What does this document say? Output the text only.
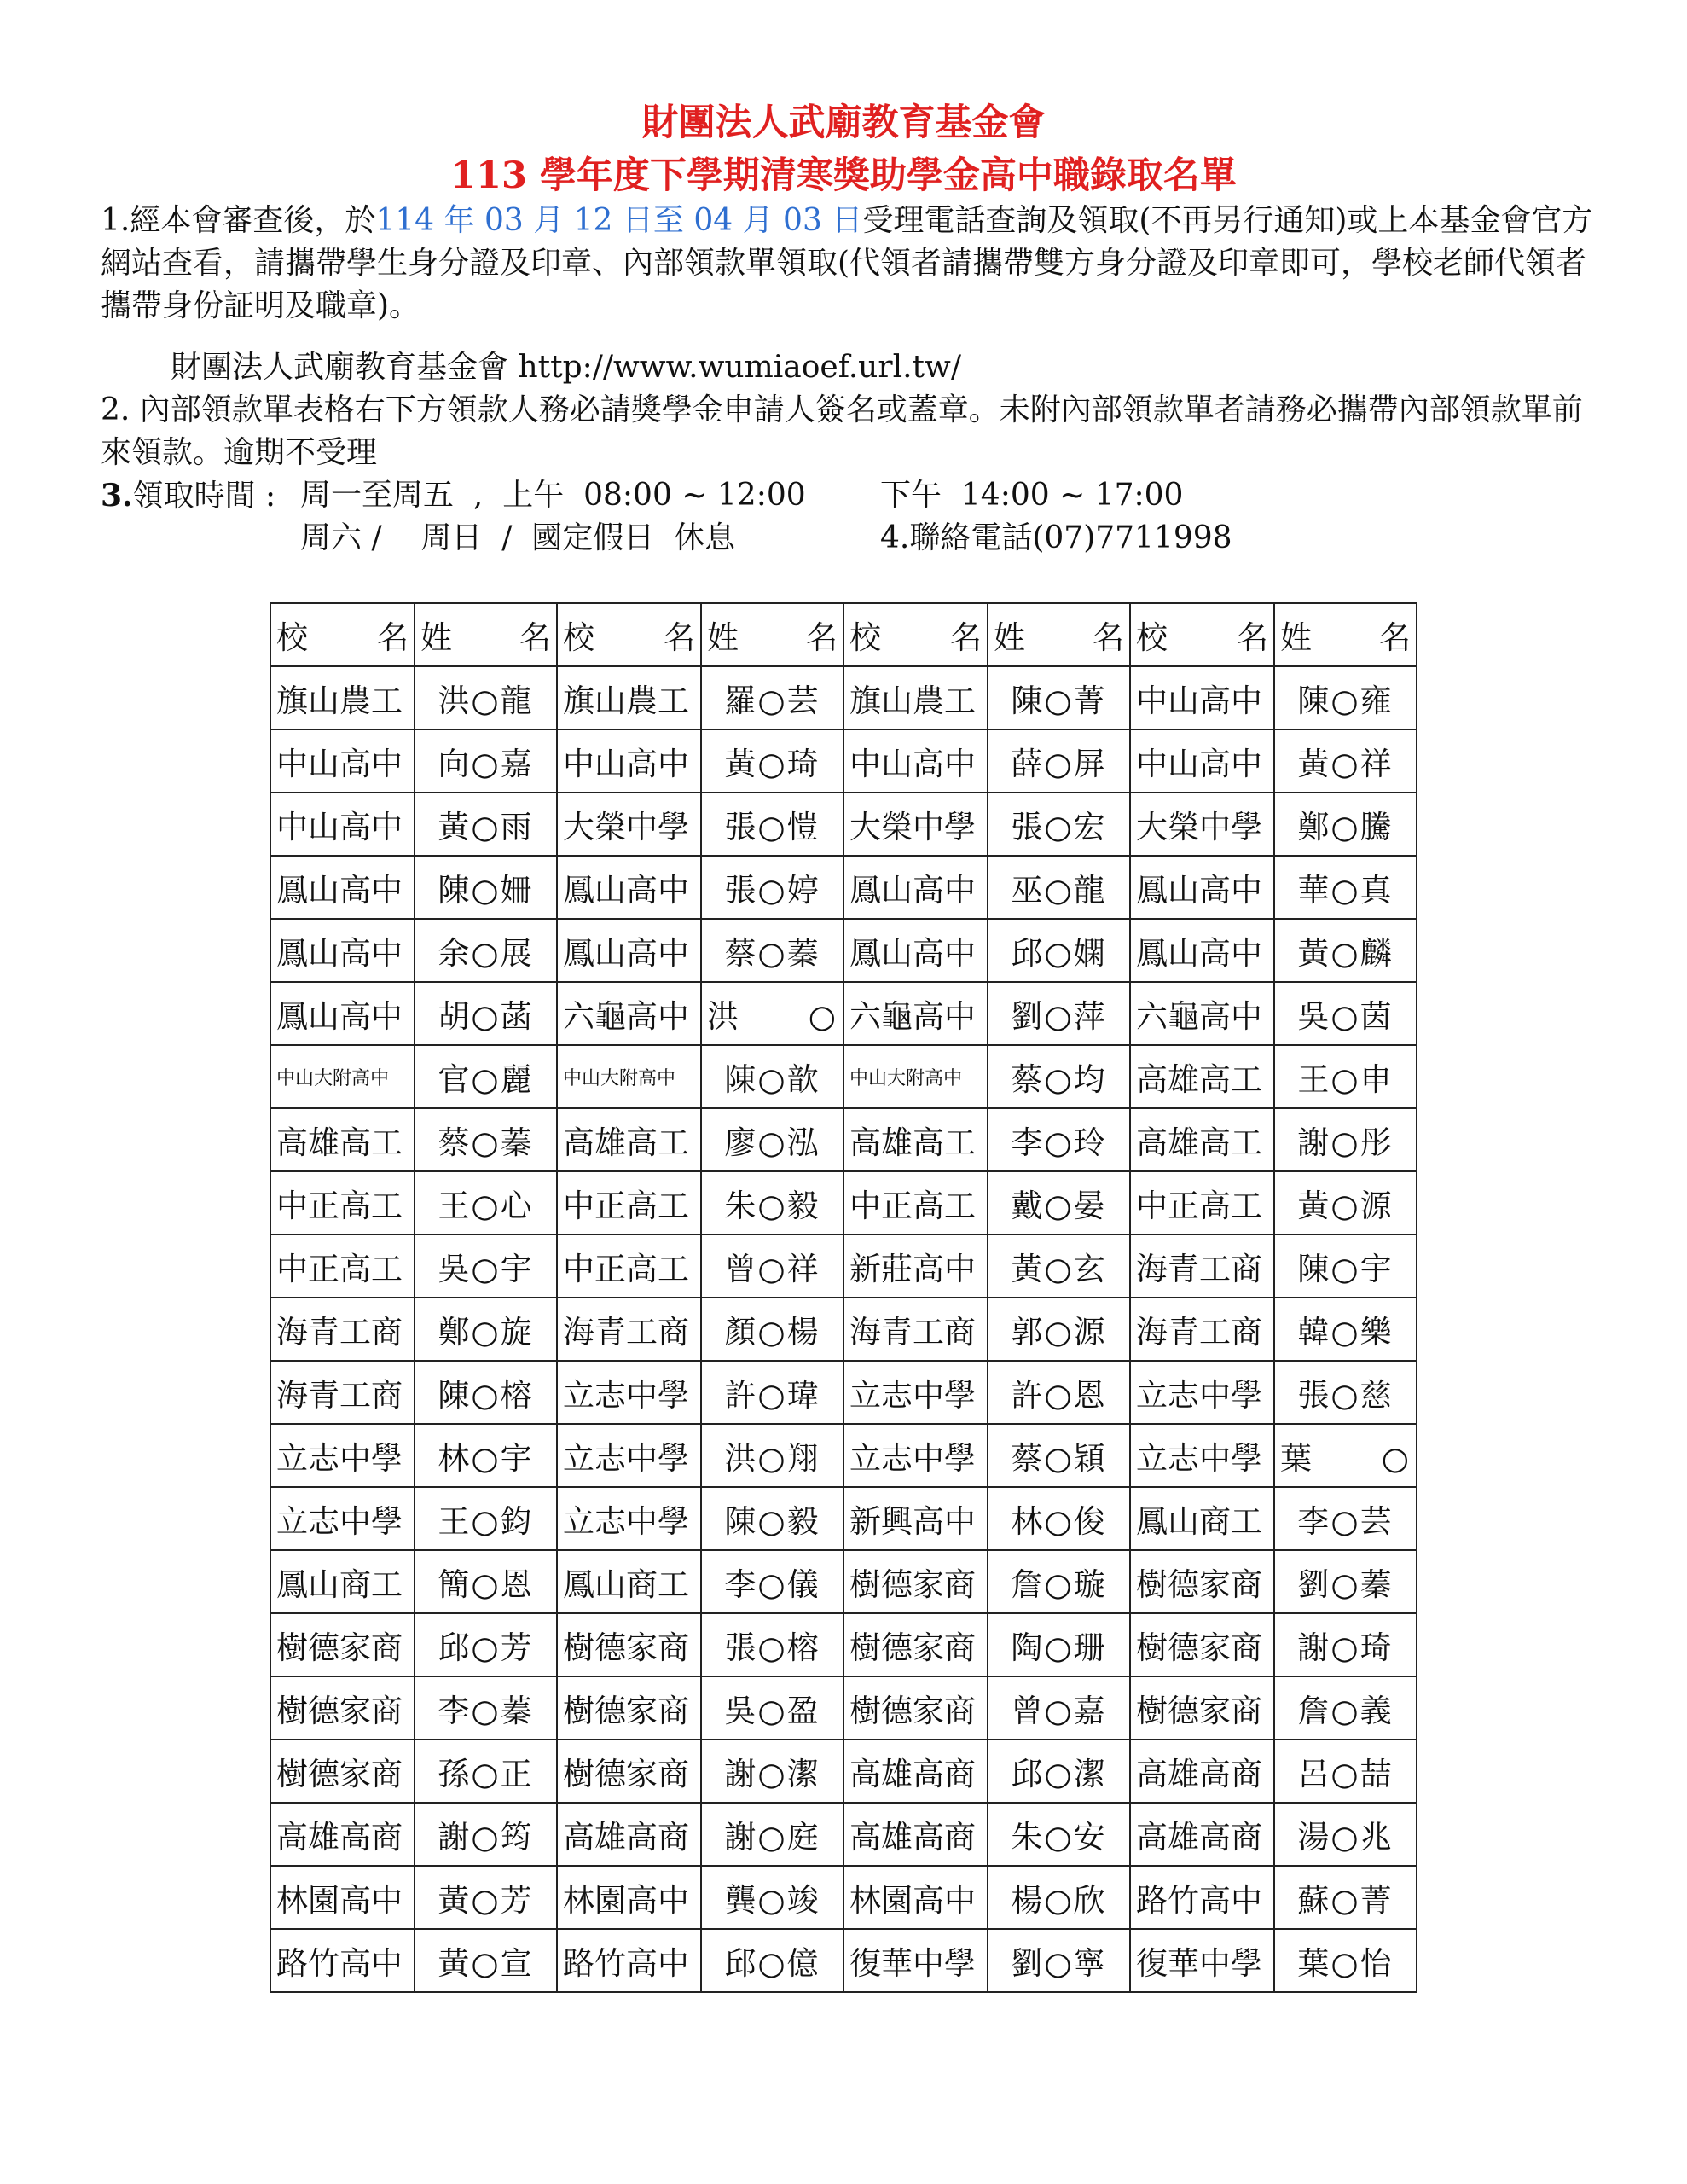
財團法人武廟教育基金會
113 學年度下學期清寒獎助學金高中職錄取名單
1.經本會審查後，於114 年 03 月 12 日至 04 月 03 日受理電話查詢及領取(不再另行通知)或上本基金會官方網站查看，請攜帶學生身分證及印章、內部領款單領取(代領者請攜帶雙方身分證及印章即可，學校老師代領者攜帶身份証明及職章)。
財團法人武廟教育基金會 http://www.wumiaoef.url.tw/
2. 內部領款單表格右下方領款人務必請獎學金申請人簽名或蓋章。未附內部領款單者請務必攜帶內部領款單前來領款。逾期不受理
3.領取時間 : 周一至周五  ,  上午  08:00 ~ 12:00 下午  14:00 ~ 17:00
周六 /    周日  /  國定假日  休息	4.聯絡電話(07)7711998
校　名	姓　名	校　名	姓　名	校　名	姓　名	校　名	姓　名
旗山農工	洪○龍	旗山農工	羅○芸	旗山農工	陳○菁	中山高中	陳○雍
中山高中	向○嘉	中山高中	黃○琦	中山高中	薛○屏	中山高中	黃○祥
中山高中	黃○雨	大榮中學	張○愷	大榮中學	張○宏	大榮中學	鄭○騰
鳳山高中	陳○姍	鳳山高中	張○婷	鳳山高中	巫○龍	鳳山高中	華○真
鳳山高中	余○展	鳳山高中	蔡○蓁	鳳山高中	邱○嫻	鳳山高中	黃○麟
鳳山高中	胡○菡	六龜高中	洪　○	六龜高中	劉○萍	六龜高中	吳○茵
中山大附高中	官○麗	中山大附高中	陳○歆	中山大附高中	蔡○均	高雄高工	王○申
高雄高工	蔡○蓁	高雄高工	廖○泓	高雄高工	李○玲	高雄高工	謝○彤
中正高工	王○心	中正高工	朱○毅	中正高工	戴○晏	中正高工	黃○源
中正高工	吳○宇	中正高工	曾○祥	新莊高中	黃○玄	海青工商	陳○宇
海青工商	鄭○旋	海青工商	顏○楊	海青工商	郭○源	海青工商	韓○樂
海青工商	陳○榕	立志中學	許○瑋	立志中學	許○恩	立志中學	張○慈
立志中學	林○宇	立志中學	洪○翔	立志中學	蔡○穎	立志中學	葉　○
立志中學	王○鈞	立志中學	陳○毅	新興高中	林○俊	鳳山商工	李○芸
鳳山商工	簡○恩	鳳山商工	李○儀	樹德家商	詹○璇	樹德家商	劉○蓁
樹德家商	邱○芳	樹德家商	張○榕	樹德家商	陶○珊	樹德家商	謝○琦
樹德家商	李○蓁	樹德家商	吳○盈	樹德家商	曾○嘉	樹德家商	詹○義
樹德家商	孫○正	樹德家商	謝○潔	高雄高商	邱○潔	高雄高商	呂○喆
高雄高商	謝○筠	高雄高商	謝○庭	高雄高商	朱○安	高雄高商	湯○兆
林園高中	黃○芳	林園高中	龔○竣	林園高中	楊○欣	路竹高中	蘇○菁
路竹高中	黃○宣	路竹高中	邱○億	復華中學	劉○寧	復華中學	葉○怡
